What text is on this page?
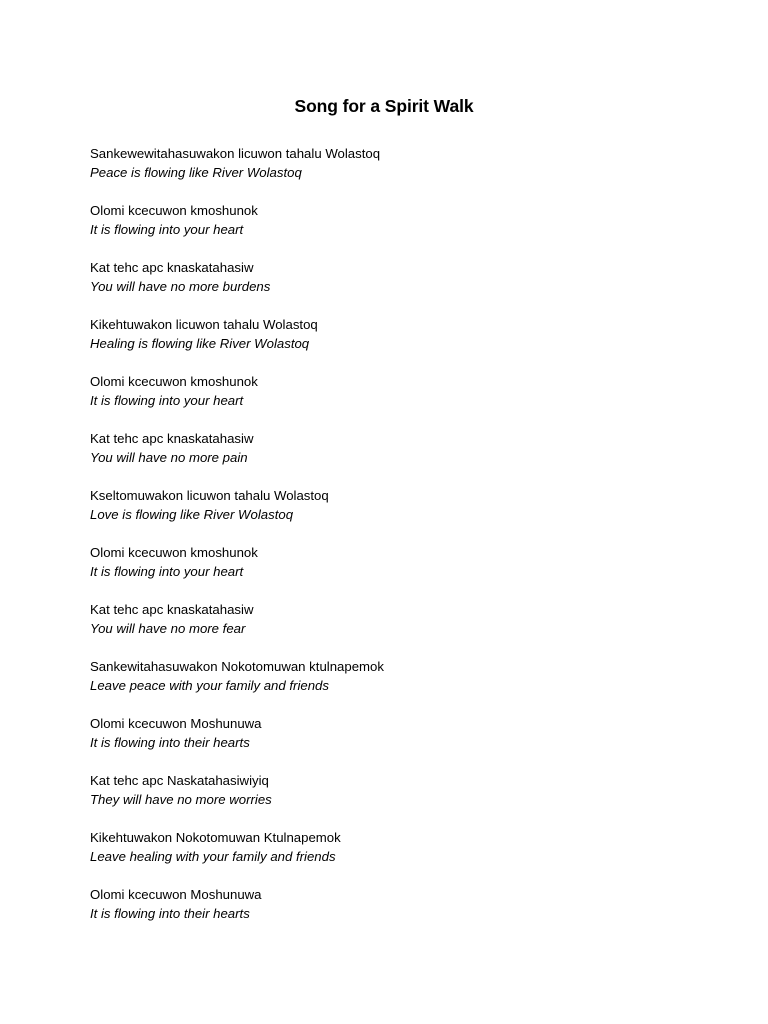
Song for a Spirit Walk
Sankewewitahasuwakon licuwon tahalu Wolastoq
Peace is flowing like River Wolastoq
Olomi kcecuwon kmoshunok
It is flowing into your heart
Kat tehc apc knaskatahasiw
You will have no more burdens
Kikehtuwakon licuwon tahalu Wolastoq
Healing is flowing like River Wolastoq
Olomi kcecuwon kmoshunok
It is flowing into your heart
Kat tehc apc knaskatahasiw
You will have no more pain
Kseltomuwakon licuwon tahalu Wolastoq
Love is flowing like River Wolastoq
Olomi kcecuwon kmoshunok
It is flowing into your heart
Kat tehc apc knaskatahasiw
You will have no more fear
Sankewitahasuwakon Nokotomuwan ktulnapemok
Leave peace with your family and friends
Olomi kcecuwon Moshunuwa
It is flowing into their hearts
Kat tehc apc Naskatahasiwiyiq
They will have no more worries
Kikehtuwakon Nokotomuwan Ktulnapemok
Leave healing with your family and friends
Olomi kcecuwon Moshunuwa
It is flowing into their hearts
